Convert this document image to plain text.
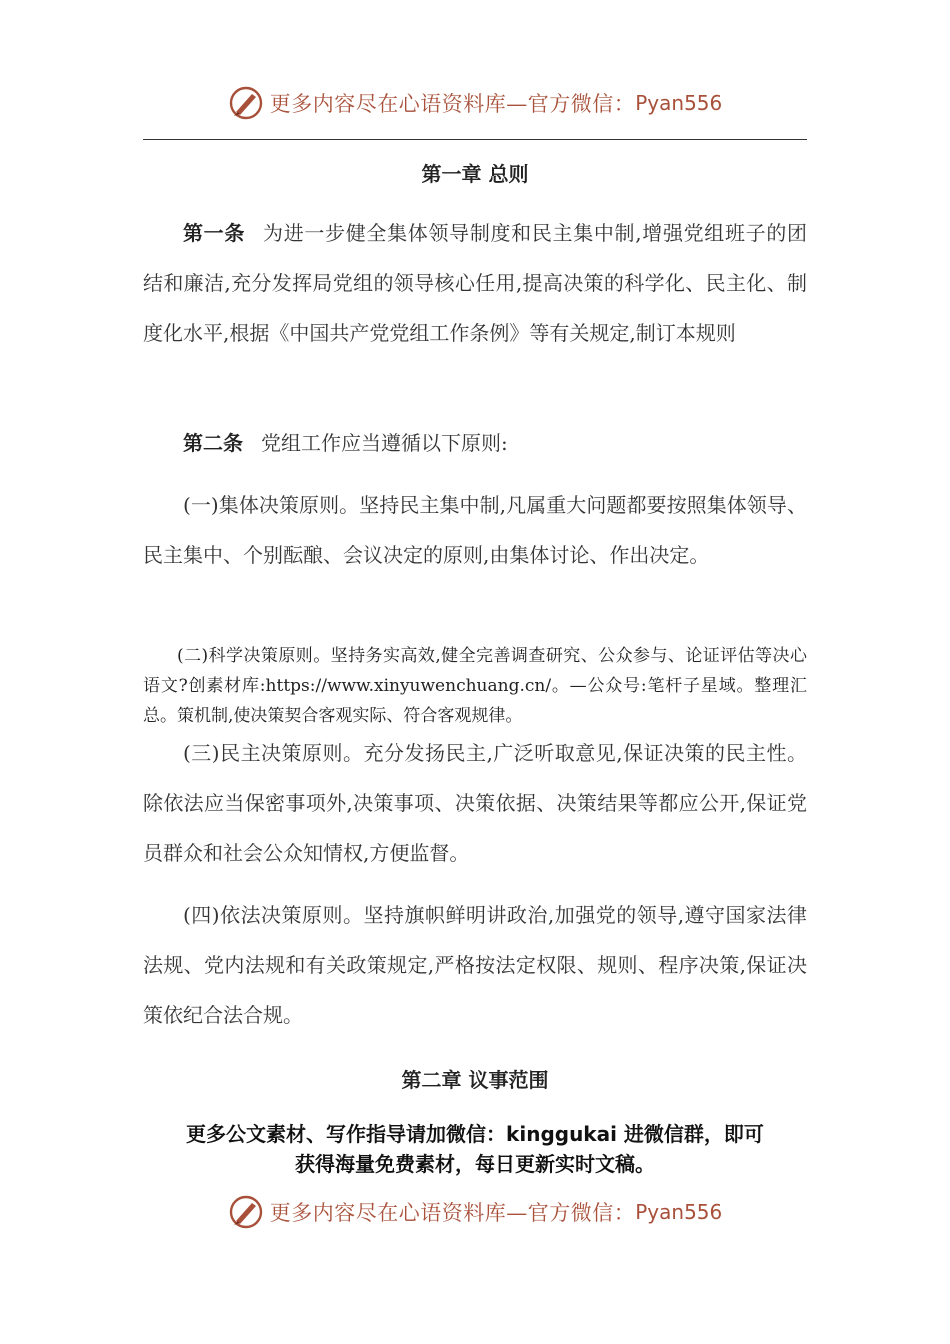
更多内容尽在心语资料库—官方微信： Pyan556
第一章 总则
第一条 为进一步健全集体领导制度和民主集中制,增强党组班子的团结和廉洁,充分发挥局党组的领导核心任用,提高决策的科学化、民主化、制度化水平,根据《中国共产党党组工作条例》等有关规定,制订本规则
第二条 党组工作应当遵循以下原则:
(一)集体决策原则。坚持民主集中制,凡属重大问题都要按照集体领导、民主集中、个别酝酿、会议决定的原则,由集体讨论、作出决定。
(二)科学决策原则。坚持务实高效,健全完善调查研究、公众参与、论证评估等决心语文?创素材库:https://www.xinyuwenchuang.cn/。—公众号:笔杆子星域。整理汇总。策机制,使决策契合客观实际、符合客观规律。
(三)民主决策原则。充分发扬民主,广泛听取意见,保证决策的民主性。除依法应当保密事项外,决策事项、决策依据、决策结果等都应公开,保证党员群众和社会公众知情权,方便监督。
(四)依法决策原则。坚持旗帜鲜明讲政治,加强党的领导,遵守国家法律法规、党内法规和有关政策规定,严格按法定权限、规则、程序决策,保证决策依纪合法合规。
第二章 议事范围
更多公文素材、写作指导请加微信：kinggukai 进微信群，即可
获得海量免费素材，每日更新实时文稿。
更多内容尽在心语资料库—官方微信： Pyan556
